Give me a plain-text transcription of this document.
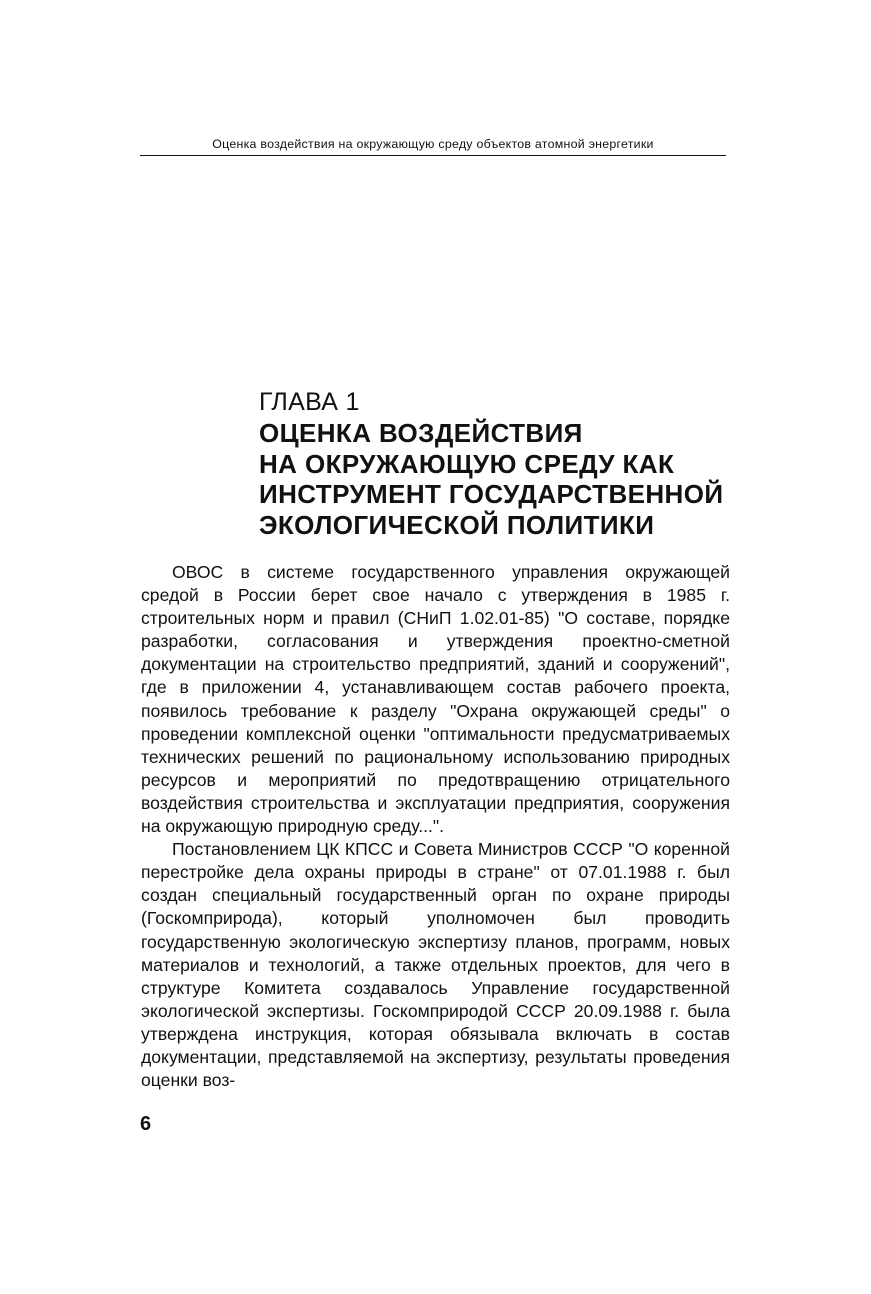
Оценка воздействия на окружающую среду объектов атомной энергетики
ГЛАВА 1
ОЦЕНКА ВОЗДЕЙСТВИЯ
НА ОКРУЖАЮЩУЮ СРЕДУ КАК
ИНСТРУМЕНТ ГОСУДАРСТВЕННОЙ
ЭКОЛОГИЧЕСКОЙ ПОЛИТИКИ

ОВОС в системе государственного управления окружающей средой в России берет свое начало с утверждения в 1985 г. строительных норм и правил (СНиП 1.02.01-85) "О составе, порядке разработки, согласования и утверждения проектно-сметной документации на строительство предприятий, зданий и сооружений", где в приложении 4, устанавливающем состав рабочего проекта, появилось требование к разделу "Охрана окружающей среды" о проведении комплексной оценки "оптимальности предусматриваемых технических решений по рациональному использованию природных ресурсов и мероприятий по предотвращению отрицательного воздействия строительства и эксплуатации предприятия, сооружения на окружающую природную среду...".

Постановлением ЦК КПСС и Совета Министров СССР "О коренной перестройке дела охраны природы в стране" от 07.01.1988 г. был создан специальный государственный орган по охране природы (Госкомприрода), который уполномочен был проводить государственную экологическую экспертизу планов, программ, новых материалов и технологий, а также отдельных проектов, для чего в структуре Комитета создавалось Управление государственной экологической экспертизы. Госкомприродой СССР 20.09.1988 г. была утверждена инструкция, которая обязывала включать в состав документации, представляемой на экспертизу, результаты проведения оценки воз-

6
